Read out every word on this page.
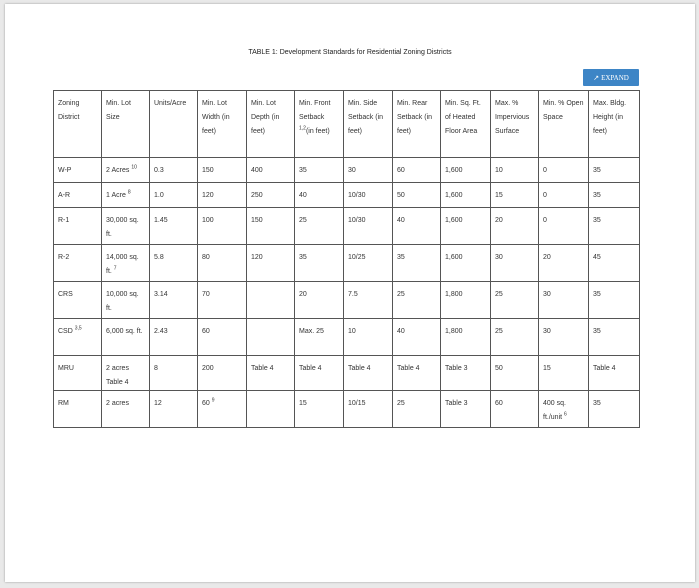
TABLE 1: Development Standards for Residential Zoning Districts
↗ EXPAND
Zoning District	Min. Lot Size	Units/Acre	Min. Lot Width (in feet)	Min. Lot Depth (in feet)	Min. Front Setback $^{1,2}$(in feet)	Min. Side Setback (in feet)	Min. Rear Setback (in feet)	Min. Sq. Ft. of Heated Floor Area	Max. % Impervious Surface	Min. % Open Space	Max. Bldg. Height (in feet)
W-P	2 Acres $^{10}$	0.3	150	400	35	30	60	1,600	10	0	35
A-R	1 Acre $^8$	1.0	120	250	40	10/30	50	1,600	15	0	35
R-1	30,000 sq. ft.	1.45	100	150	25	10/30	40	1,600	20	0	35
R-2	14,000 sq. ft. $^7$	5.8	80	120	35	10/25	35	1,600	30	20	45
CRS	10,000 sq. ft.	3.14	70		20	7.5	25	1,800	25	30	35
CSD $^{3,5}$	6,000 sq. ft.	2.43	60		Max. 25	10	40	1,800	25	30	35
MRU	2 acres Table 4	8	200	Table 4	Table 4	Table 4	Table 4	Table 3	50	15	Table 4
RM	2 acres	12	60 $^9$		15	10/15	25	Table 3	60	400 sq. ft./unit $^6$	35
